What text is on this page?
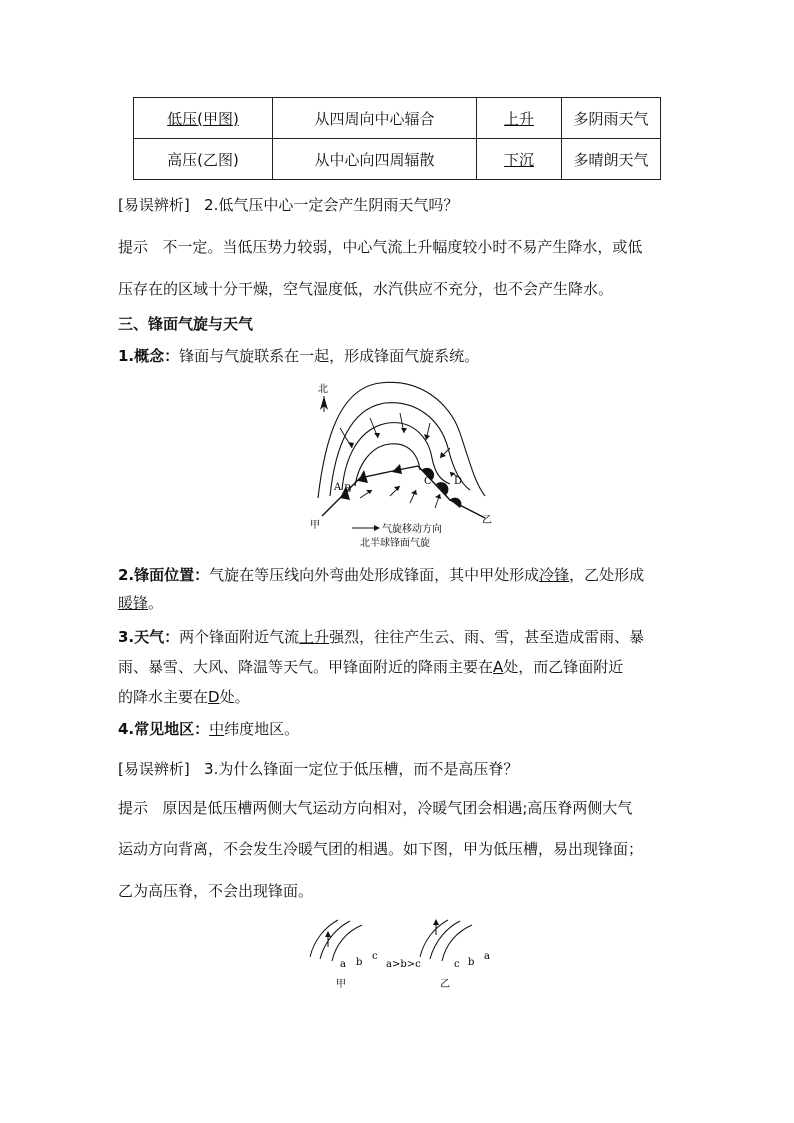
低压(甲图)	从四周向中心辐合	上升	多阴雨天气
高压(乙图)	从中心向四周辐散	下沉	多晴朗天气
[易误辨析] 2.低气压中心一定会产生阴雨天气吗？
提示 不一定。当低压势力较弱，中心气流上升幅度较小时不易产生降水，或低
压存在的区域十分干燥，空气湿度低，水汽供应不充分，也不会产生降水。
三、锋面气旋与天气
1.概念：锋面与气旋联系在一起，形成锋面气旋系统。
北
A B
C D
甲	乙
气旋移动方向
北半球锋面气旋
2.锋面位置：气旋在等压线向外弯曲处形成锋面，其中甲处形成冷锋，乙处形成
暖锋。
3.天气：两个锋面附近气流上升强烈，往往产生云、雨、雪，甚至造成雷雨、暴
雨、暴雪、大风、降温等天气。甲锋面附近的降雨主要在A处，而乙锋面附近
的降水主要在D处。
4.常见地区：中纬度地区。
[易误辨析] 3.为什么锋面一定位于低压槽，而不是高压脊？
提示 原因是低压槽两侧大气运动方向相对，冷暖气团会相遇;高压脊两侧大气
运动方向背离，不会发生冷暖气团的相遇。如下图，甲为低压槽，易出现锋面；
乙为高压脊，不会出现锋面。
a b
c
a>b>c
a
b
c
甲	乙
